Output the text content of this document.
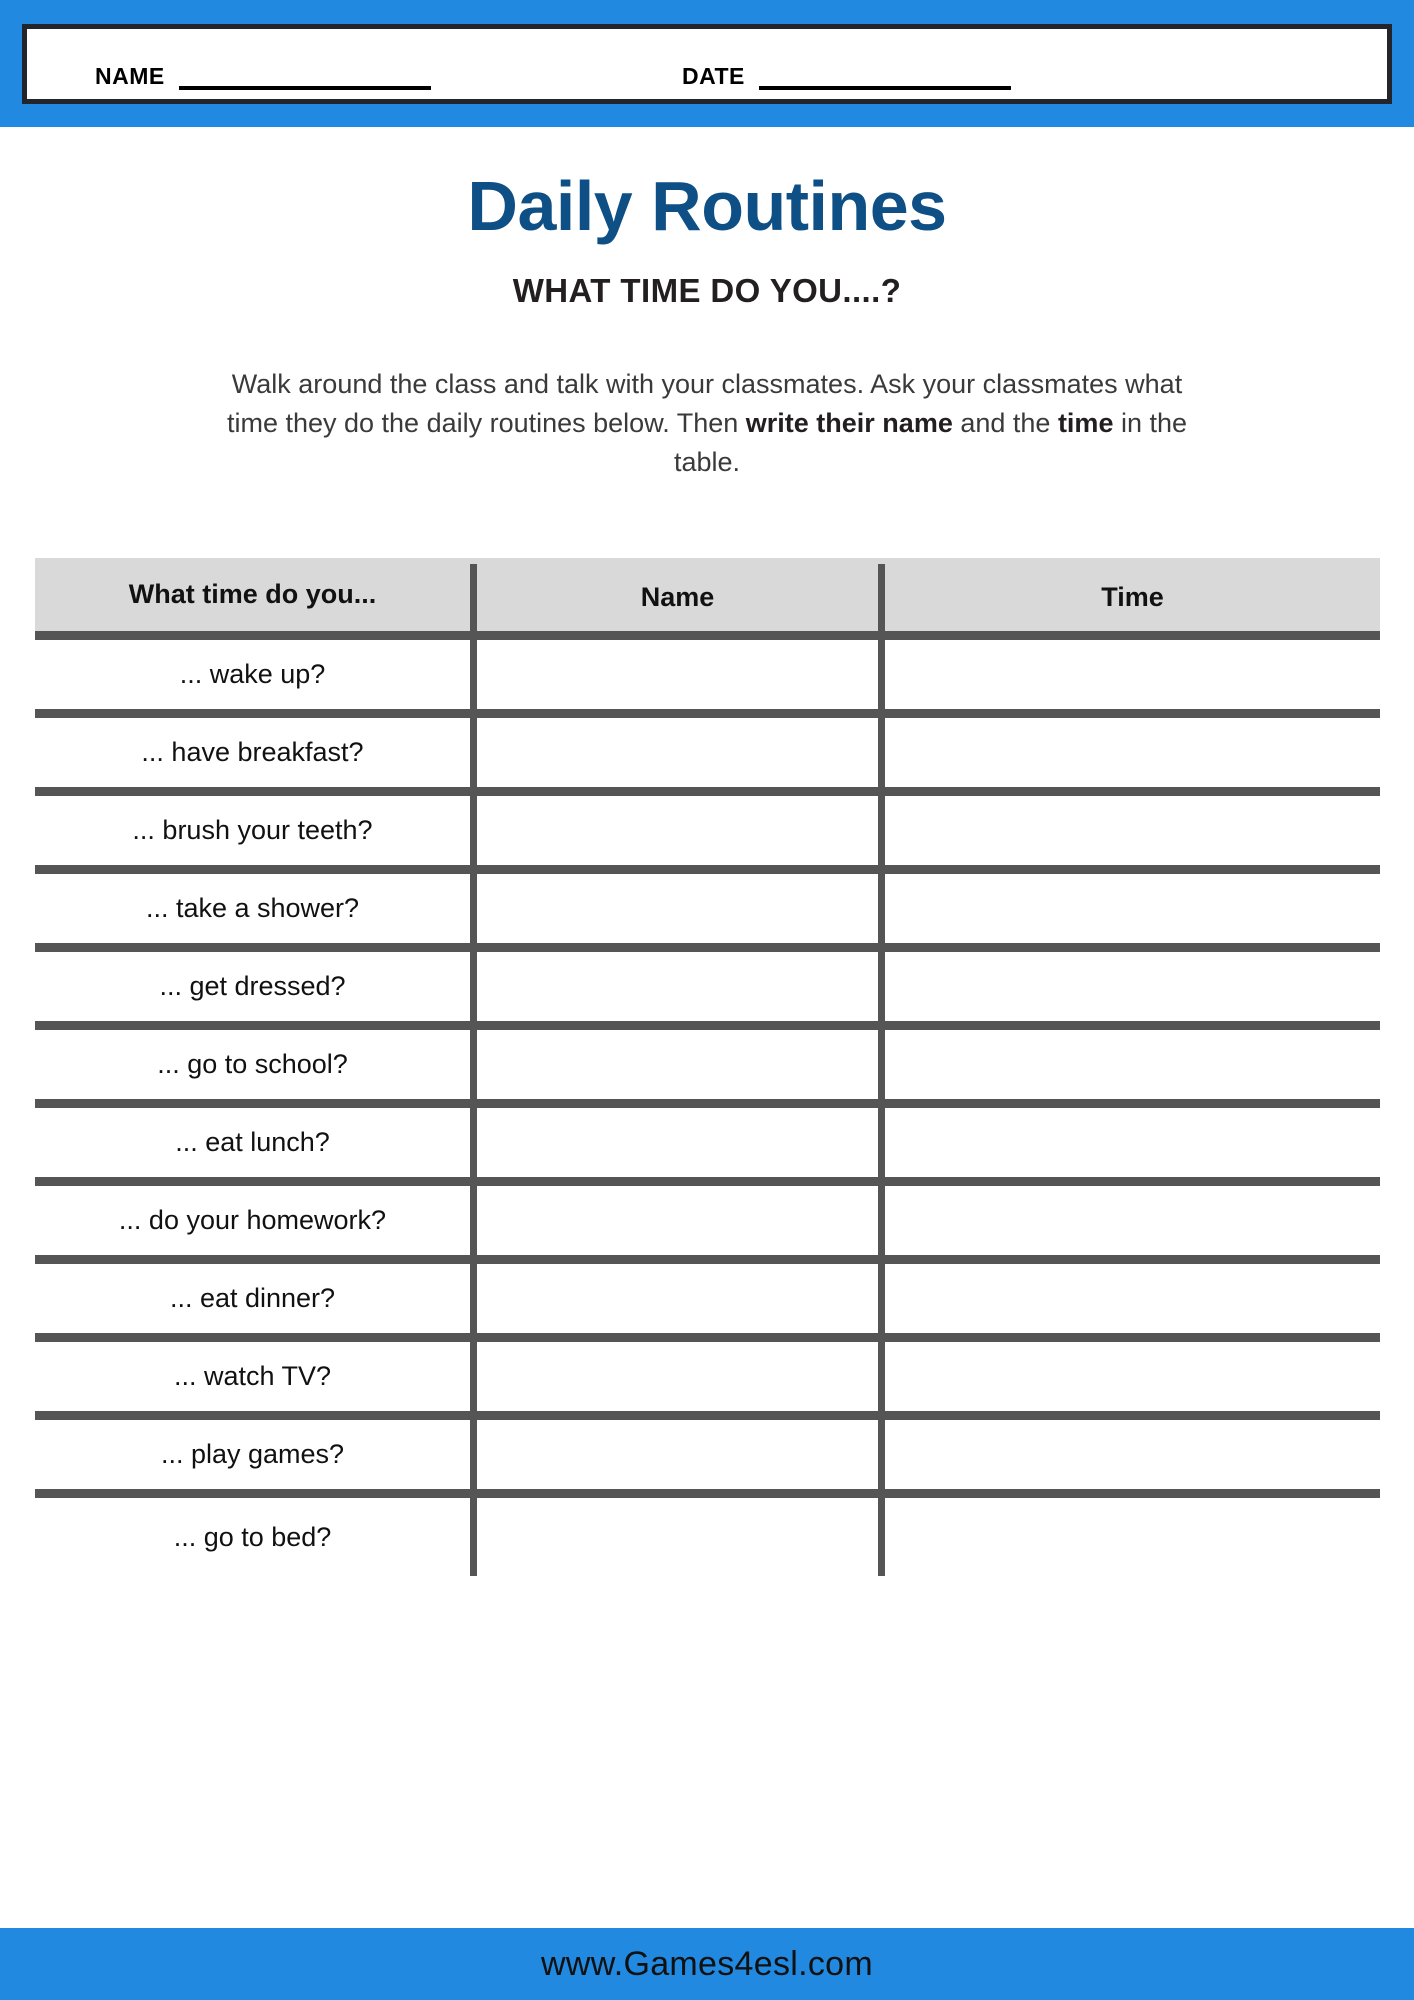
NAME	DATE
Daily Routines
WHAT TIME DO YOU....?
Walk around the class and talk with your classmates. Ask your classmates what time they do the daily routines below. Then write their name and the time in the table.
What time do you...	Name	Time
... wake up?
... have breakfast?
... brush your teeth?
... take a shower?
... get dressed?
... go to school?
... eat lunch?
... do your homework?
... eat dinner?
... watch TV?
... play games?
... go to bed?
www.Games4esl.com
